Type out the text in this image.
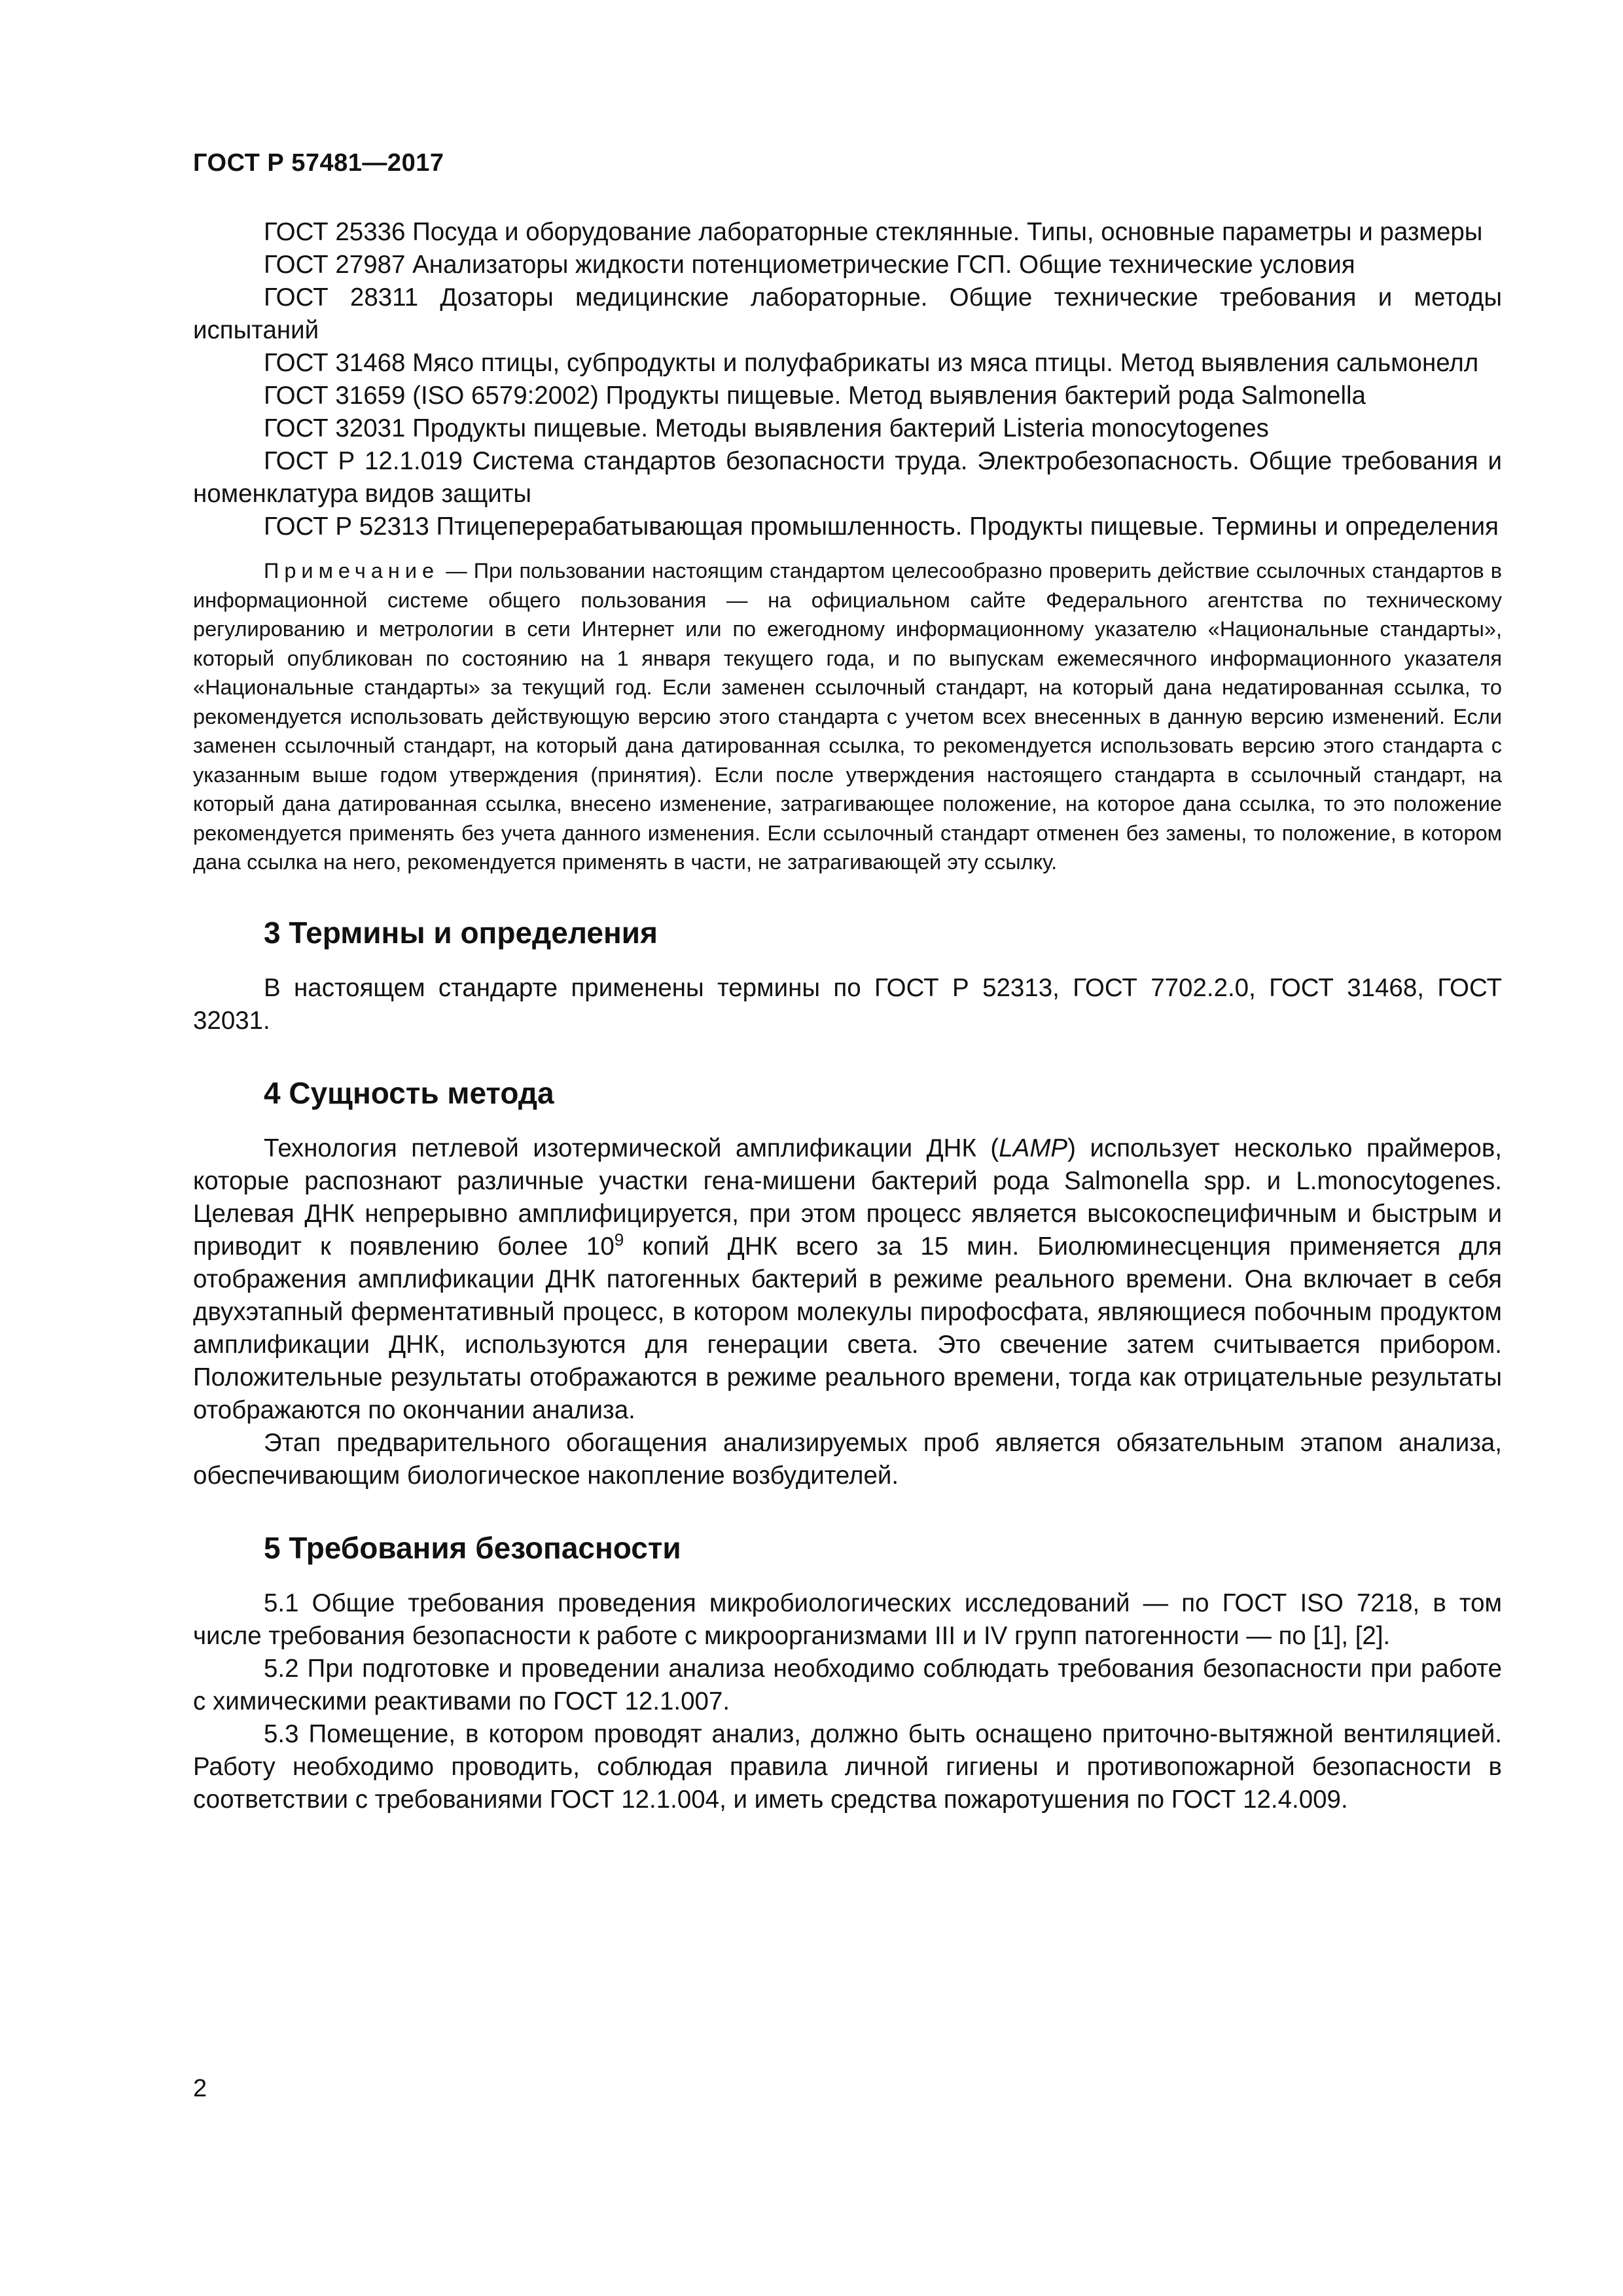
ГОСТ Р 57481—2017

ГОСТ 25336 Посуда и оборудование лабораторные стеклянные. Типы, основные параметры и размеры

ГОСТ 27987 Анализаторы жидкости потенциометрические ГСП. Общие технические условия

ГОСТ 28311 Дозаторы медицинские лабораторные. Общие технические требования и методы испытаний

ГОСТ 31468 Мясо птицы, субпродукты и полуфабрикаты из мяса птицы. Метод выявления сальмонелл

ГОСТ 31659 (ISO 6579:2002) Продукты пищевые. Метод выявления бактерий рода Salmonella

ГОСТ 32031 Продукты пищевые. Методы выявления бактерий Listeria monocytogenes

ГОСТ Р 12.1.019 Система стандартов безопасности труда. Электробезопасность. Общие требования и номенклатура видов защиты

ГОСТ Р 52313 Птицеперерабатывающая промышленность. Продукты пищевые. Термины и определения

Примечание — При пользовании настоящим стандартом целесообразно проверить действие ссылочных стандартов в информационной системе общего пользования — на официальном сайте Федерального агентства по техническому регулированию и метрологии в сети Интернет или по ежегодному информационному указателю «Национальные стандарты», который опубликован по состоянию на 1 января текущего года, и по выпускам ежемесячного информационного указателя «Национальные стандарты» за текущий год. Если заменен ссылочный стандарт, на который дана недатированная ссылка, то рекомендуется использовать действующую версию этого стандарта с учетом всех внесенных в данную версию изменений. Если заменен ссылочный стандарт, на который дана датированная ссылка, то рекомендуется использовать версию этого стандарта с указанным выше годом утверждения (принятия). Если после утверждения настоящего стандарта в ссылочный стандарт, на который дана датированная ссылка, внесено изменение, затрагивающее положение, на которое дана ссылка, то это положение рекомендуется применять без учета данного изменения. Если ссылочный стандарт отменен без замены, то положение, в котором дана ссылка на него, рекомендуется применять в части, не затрагивающей эту ссылку.

3 Термины и определения

В настоящем стандарте применены термины по ГОСТ Р 52313, ГОСТ 7702.2.0, ГОСТ 31468, ГОСТ 32031.

4 Сущность метода

Технология петлевой изотермической амплификации ДНК (LAMP) использует несколько праймеров, которые распознают различные участки гена-мишени бактерий рода Salmonella spp. и L.monocytogenes. Целевая ДНК непрерывно амплифицируется, при этом процесс является высокоспецифичным и быстрым и приводит к появлению более $10^9$ копий ДНК всего за 15 мин. Биолюминесценция применяется для отображения амплификации ДНК патогенных бактерий в режиме реального времени. Она включает в себя двухэтапный ферментативный процесс, в котором молекулы пирофосфата, являющиеся побочным продуктом амплификации ДНК, используются для генерации света. Это свечение затем считывается прибором. Положительные результаты отображаются в режиме реального времени, тогда как отрицательные результаты отображаются по окончании анализа.

Этап предварительного обогащения анализируемых проб является обязательным этапом анализа, обеспечивающим биологическое накопление возбудителей.

5 Требования безопасности

5.1 Общие требования проведения микробиологических исследований — по ГОСТ ISO 7218, в том числе требования безопасности к работе с микроорганизмами III и IV групп патогенности — по [1], [2].

5.2 При подготовке и проведении анализа необходимо соблюдать требования безопасности при работе с химическими реактивами по ГОСТ 12.1.007.

5.3 Помещение, в котором проводят анализ, должно быть оснащено приточно-вытяжной вентиляцией. Работу необходимо проводить, соблюдая правила личной гигиены и противопожарной безопасности в соответствии с требованиями ГОСТ 12.1.004, и иметь средства пожаротушения по ГОСТ 12.4.009.

2
